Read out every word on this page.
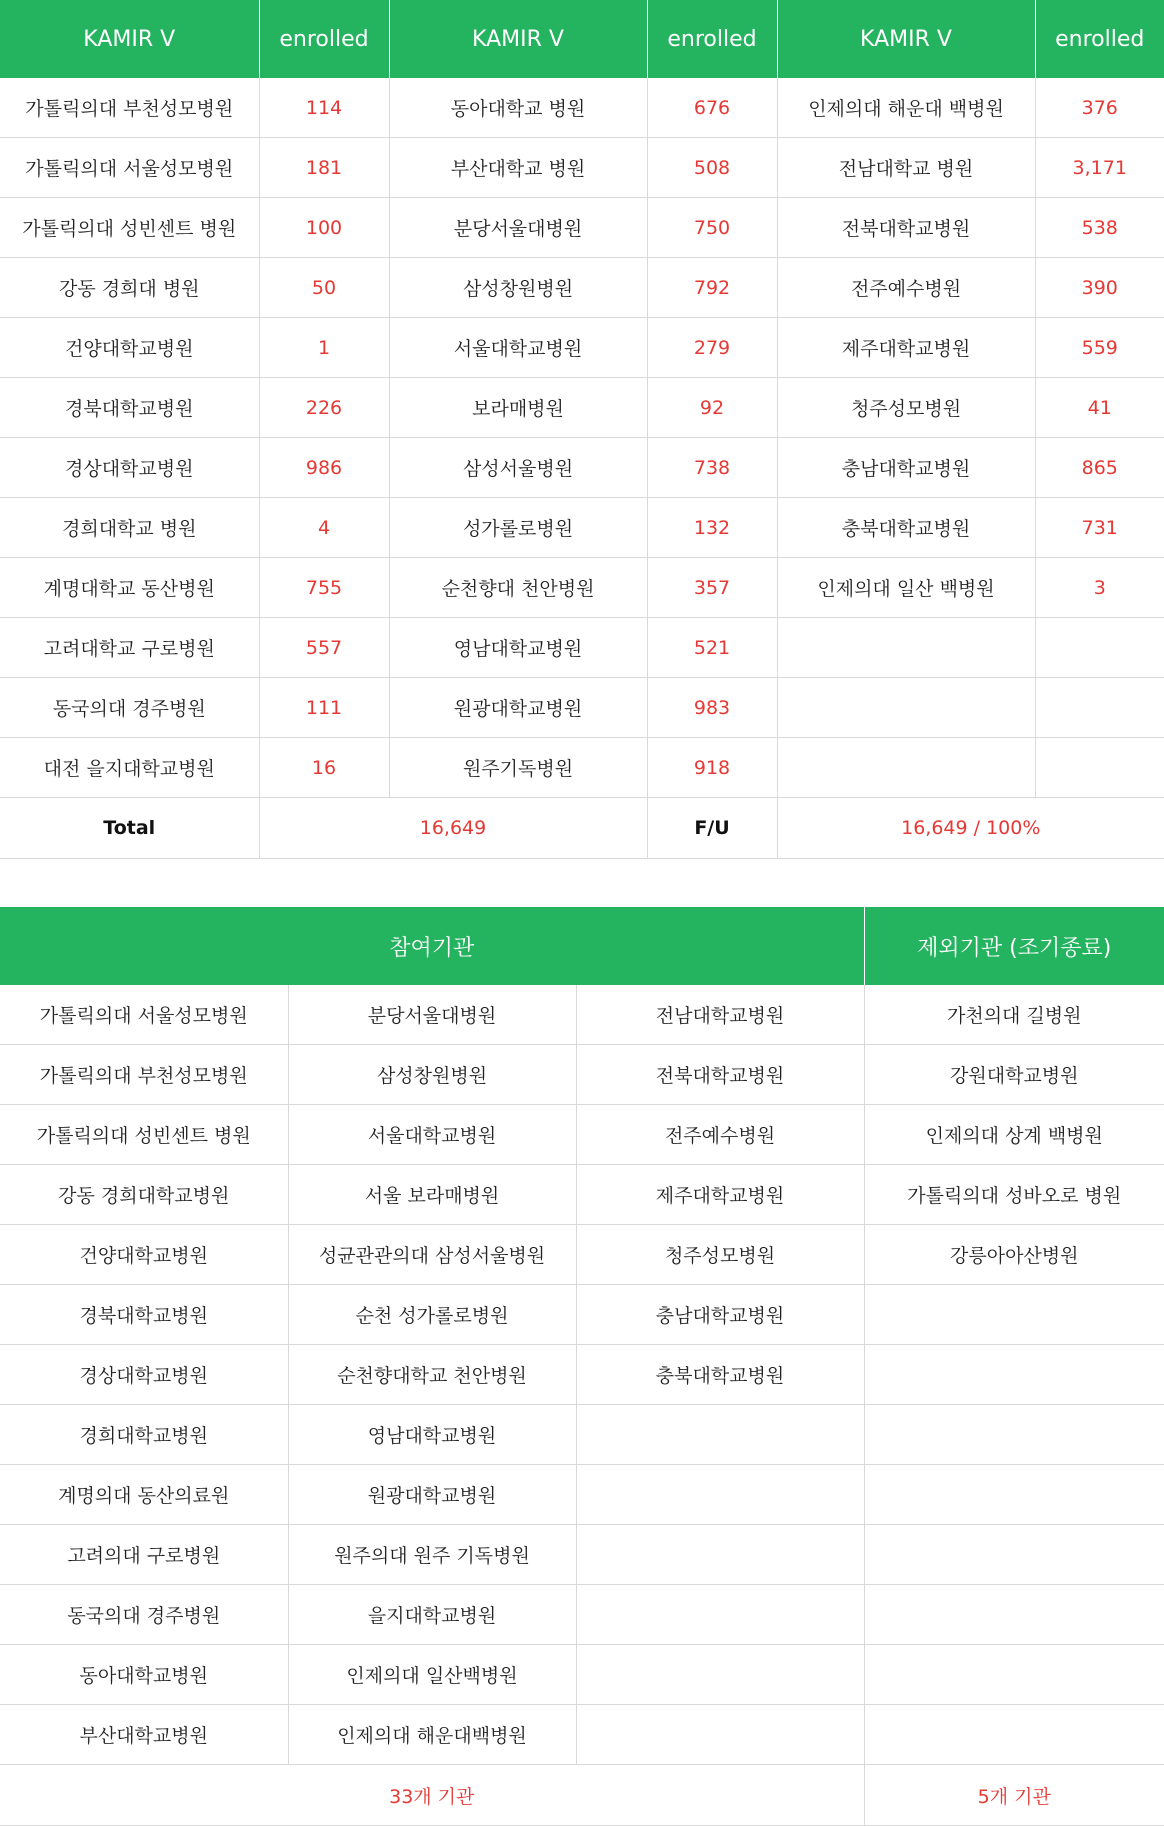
KAMIR V	enrolled	KAMIR V	enrolled	KAMIR V	enrolled
가톨릭의대 부천성모병원	114	동아대학교 병원	676	인제의대 해운대 백병원	376
가톨릭의대 서울성모병원	181	부산대학교 병원	508	전남대학교 병원	3,171
가톨릭의대 성빈센트 병원	100	분당서울대병원	750	전북대학교병원	538
강동 경희대 병원	50	삼성창원병원	792	전주예수병원	390
건양대학교병원	1	서울대학교병원	279	제주대학교병원	559
경북대학교병원	226	보라매병원	92	청주성모병원	41
경상대학교병원	986	삼성서울병원	738	충남대학교병원	865
경희대학교 병원	4	성가롤로병원	132	충북대학교병원	731
계명대학교 동산병원	755	순천향대 천안병원	357	인제의대 일산 백병원	3
고려대학교 구로병원	557	영남대학교병원	521		
동국의대 경주병원	111	원광대학교병원	983		
대전 을지대학교병원	16	원주기독병원	918		
Total	16,649		F/U	16,649 / 100%	
참여기관			제외기관 (조기종료)
가톨릭의대 서울성모병원	분당서울대병원	전남대학교병원	가천의대 길병원
가톨릭의대 부천성모병원	삼성창원병원	전북대학교병원	강원대학교병원
가톨릭의대 성빈센트 병원	서울대학교병원	전주예수병원	인제의대 상계 백병원
강동 경희대학교병원	서울 보라매병원	제주대학교병원	가톨릭의대 성바오로 병원
건양대학교병원	성균관관의대 삼성서울병원	청주성모병원	강릉아아산병원
경북대학교병원	순천 성가롤로병원	충남대학교병원	
경상대학교병원	순천향대학교 천안병원	충북대학교병원	
경희대학교병원	영남대학교병원		
계명의대 동산의료원	원광대학교병원		
고려의대 구로병원	원주의대 원주 기독병원		
동국의대 경주병원	을지대학교병원		
동아대학교병원	인제의대 일산백병원		
부산대학교병원	인제의대 해운대백병원		
33개 기관			5개 기관
